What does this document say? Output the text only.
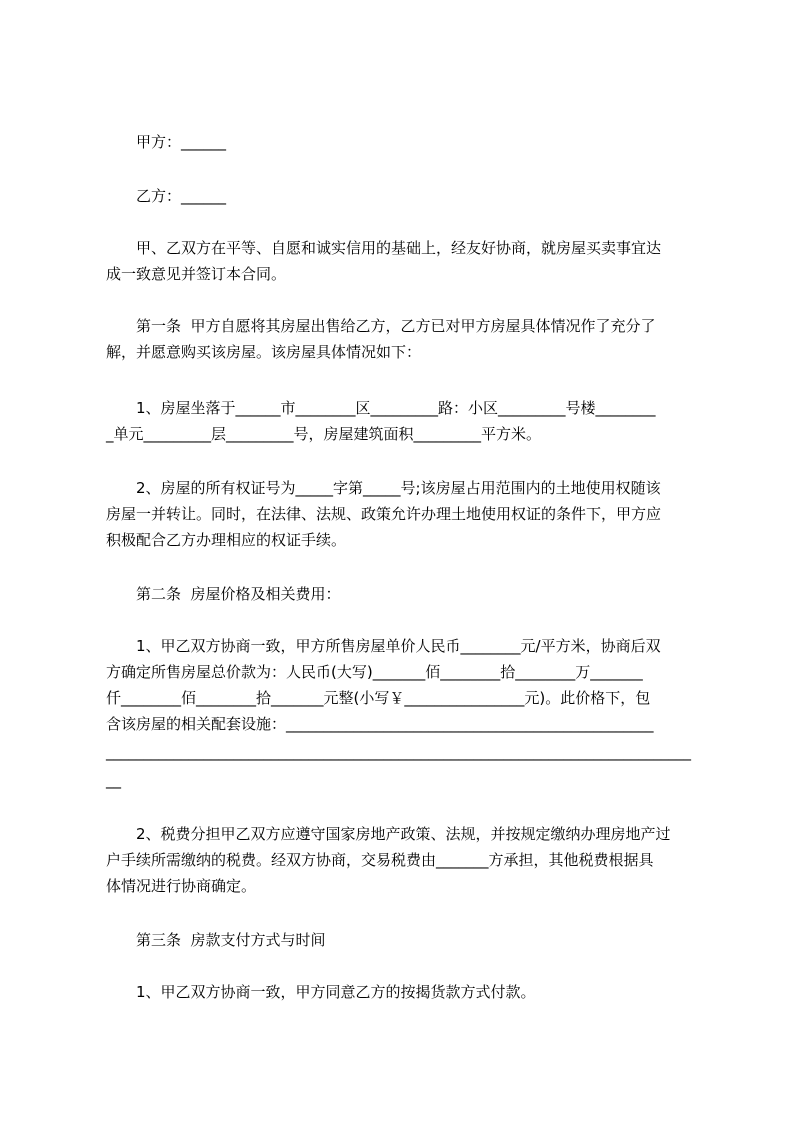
甲方：______
乙方：______
甲、乙双方在平等、自愿和诚实信用的基础上，经友好协商，就房屋买卖事宜达
成一致意见并签订本合同。
第一条  甲方自愿将其房屋出售给乙方，乙方已对甲方房屋具体情况作了充分了
解，并愿意购买该房屋。该房屋具体情况如下：
1、房屋坐落于______市________区_________路：小区_________号楼________
_单元_________层_________号，房屋建筑面积_________平方米。
2、房屋的所有权证号为_____字第_____号;该房屋占用范围内的土地使用权随该
房屋一并转让。同时，在法律、法规、政策允许办理土地使用权证的条件下，甲方应
积极配合乙方办理相应的权证手续。
第二条  房屋价格及相关费用：
1、甲乙双方协商一致，甲方所售房屋单价人民币________元/平方米，协商后双
方确定所售房屋总价款为：人民币(大写)_______佰________拾________万_______
仟________佰________拾_______元整(小写￥________________元)。此价格下，包
含该房屋的相关配套设施：_________________________________________________
______________________________________________________________________________
__
2、税费分担甲乙双方应遵守国家房地产政策、法规，并按规定缴纳办理房地产过
户手续所需缴纳的税费。经双方协商，交易税费由_______方承担，其他税费根据具
体情况进行协商确定。
第三条  房款支付方式与时间
1、甲乙双方协商一致，甲方同意乙方的按揭货款方式付款。
